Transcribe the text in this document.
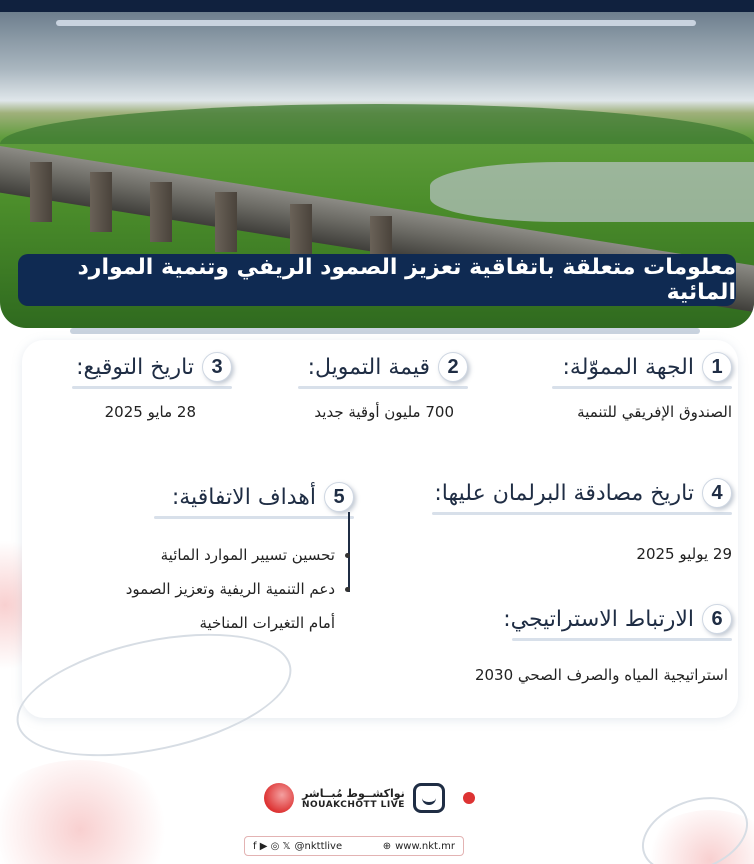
معلومات متعلقة باتفاقية تعزيز الصمود الريفي وتنمية الموارد المائية
1
الجهة المموّلة:
الصندوق الإفريقي للتنمية
2
قيمة التمويل:
700 مليون أوقية جديد
3
تاريخ التوقيع:
28 مايو 2025
4
تاريخ مصادقة البرلمان عليها:
29 يوليو 2025
5
أهداف الاتفاقية:
تحسين تسيير الموارد المائية
دعم التنمية الريفية وتعزيز الصمود
أمام التغيرات المناخية	6
الارتباط الاستراتيجي:
استراتيجية المياه والصرف الصحي 2030
نواكشــوط مُبــاشر
NOUAKCHOTT LIVE
f ▶ ◎ 𝕏 @nkttlive	⊕ www.nkt.mr
